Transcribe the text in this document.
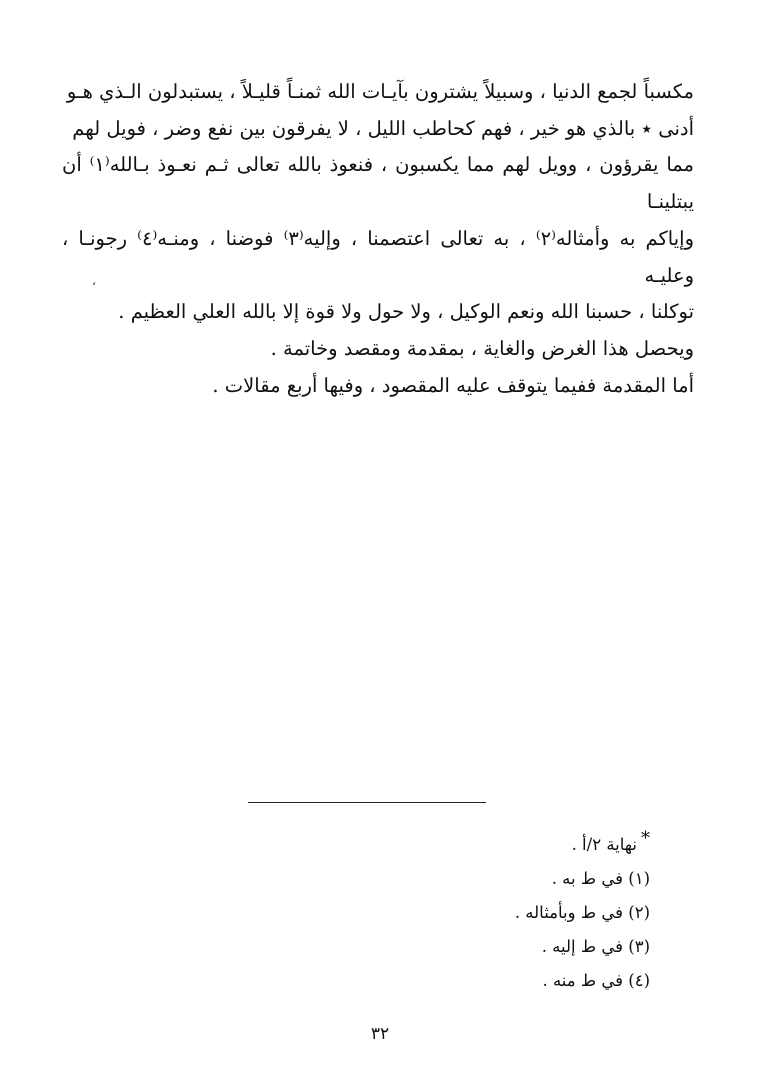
مكسباً لجمع الدنيا ، وسبيلاً يشترون بآيـات الله ثمنـاً قليـلاً ، يستبدلون الـذي هـو
أدنى ٭ بالذي هو خير ، فهم كحاطب الليل ، لا يفرقون بين نفع وضر ، فويل لهم
مما يقرؤون ، وويل لهم مما يكسبون ، فنعوذ بالله تعالى ثـم نعـوذ بـالله⁽١⁾ أن يبتلينـا
وإياكم به وأمثاله⁽٢⁾ ، به تعالى اعتصمنا ، وإليه⁽٣⁾ فوضنا ، ومنـه⁽٤⁾ رجونـا ، وعليـه
توكلنا ، حسبنا الله ونعم الوكيل ، ولا حول ولا قوة إلا بالله العلي العظيم .

ويحصل هذا الغرض والغاية ، بمقدمة ومقصد وخاتمة .

أما المقدمة ففيما يتوقف عليه المقصود ، وفيها أربع مقالات .

،
*نهاية ٢/أ .
(١) في ط به .
(٢) في ط وبأمثاله .
(٣) في ط إليه .
(٤) في ط منه .
٣٢
